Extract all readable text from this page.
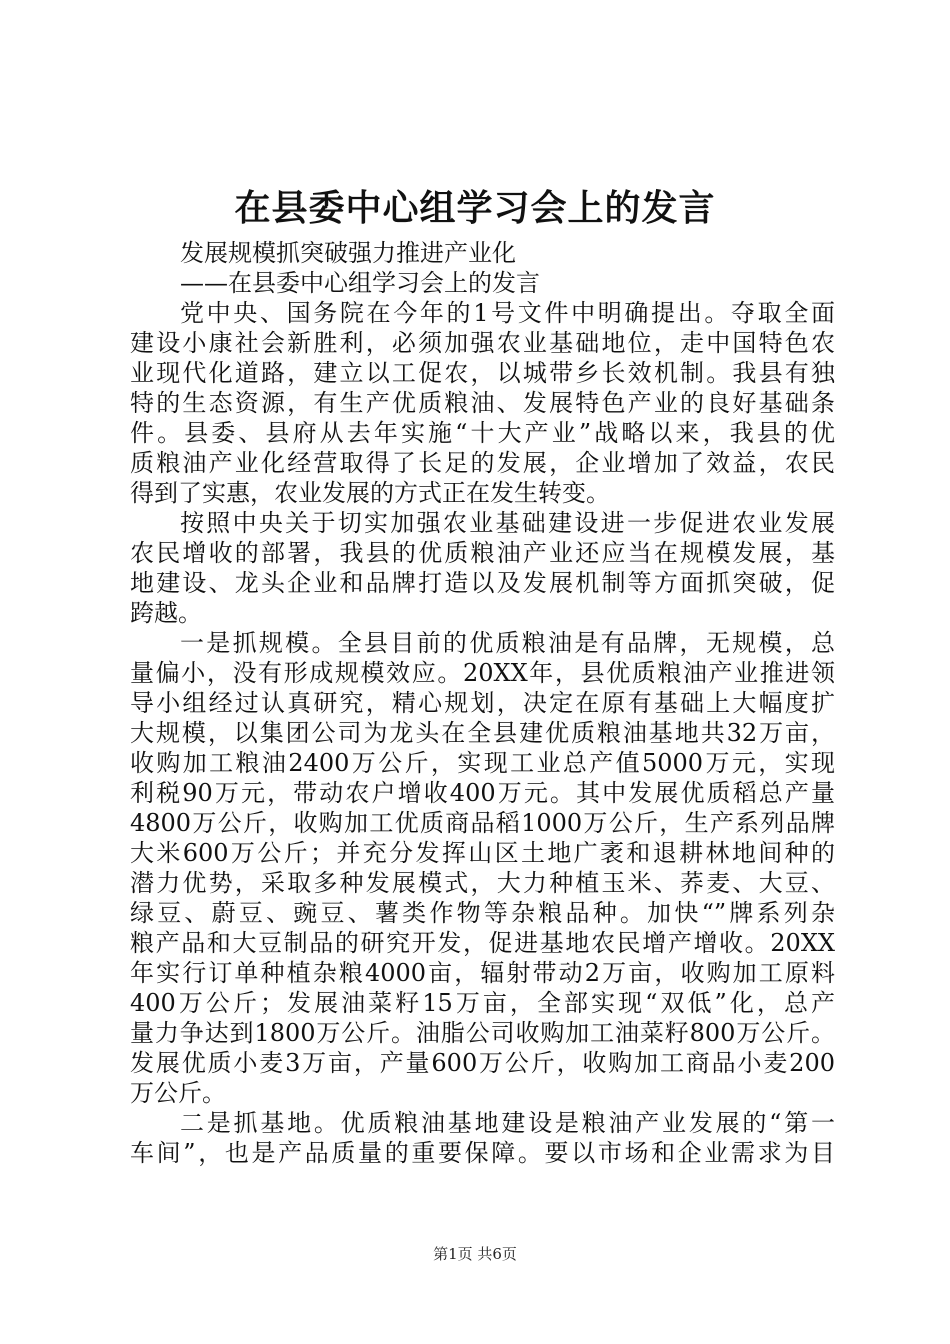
在县委中心组学习会上的发言
发展规模抓突破强力推进产业化
——在县委中心组学习会上的发言
党中央、国务院在今年的1号文件中明确提出。夺取全面
建设小康社会新胜利，必须加强农业基础地位，走中国特色农
业现代化道路，建立以工促农，以城带乡长效机制。我县有独
特的生态资源，有生产优质粮油、发展特色产业的良好基础条
件。县委、县府从去年实施“十大产业”战略以来，我县的优
质粮油产业化经营取得了长足的发展，企业增加了效益，农民
得到了实惠，农业发展的方式正在发生转变。
按照中央关于切实加强农业基础建设进一步促进农业发展
农民增收的部署，我县的优质粮油产业还应当在规模发展，基
地建设、龙头企业和品牌打造以及发展机制等方面抓突破，促
跨越。
一是抓规模。全县目前的优质粮油是有品牌，无规模，总
量偏小，没有形成规模效应。20XX年，县优质粮油产业推进领
导小组经过认真研究，精心规划，决定在原有基础上大幅度扩
大规模，以集团公司为龙头在全县建优质粮油基地共32万亩，
收购加工粮油2400万公斤，实现工业总产值5000万元，实现
利税90万元，带动农户增收400万元。其中发展优质稻总产量
4800万公斤，收购加工优质商品稻1000万公斤，生产系列品牌
大米600万公斤；并充分发挥山区土地广袤和退耕林地间种的
潜力优势，采取多种发展模式，大力种植玉米、荞麦、大豆、
绿豆、蔚豆、豌豆、薯类作物等杂粮品种。加快“”牌系列杂
粮产品和大豆制品的研究开发，促进基地农民增产增收。20XX
年实行订单种植杂粮4000亩，辐射带动2万亩，收购加工原料
400万公斤；发展油菜籽15万亩，全部实现“双低”化，总产
量力争达到1800万公斤。油脂公司收购加工油菜籽800万公斤。
发展优质小麦3万亩，产量600万公斤，收购加工商品小麦200
万公斤。
二是抓基地。优质粮油基地建设是粮油产业发展的“第一
车间”，也是产品质量的重要保障。要以市场和企业需求为目
第1页 共6页
